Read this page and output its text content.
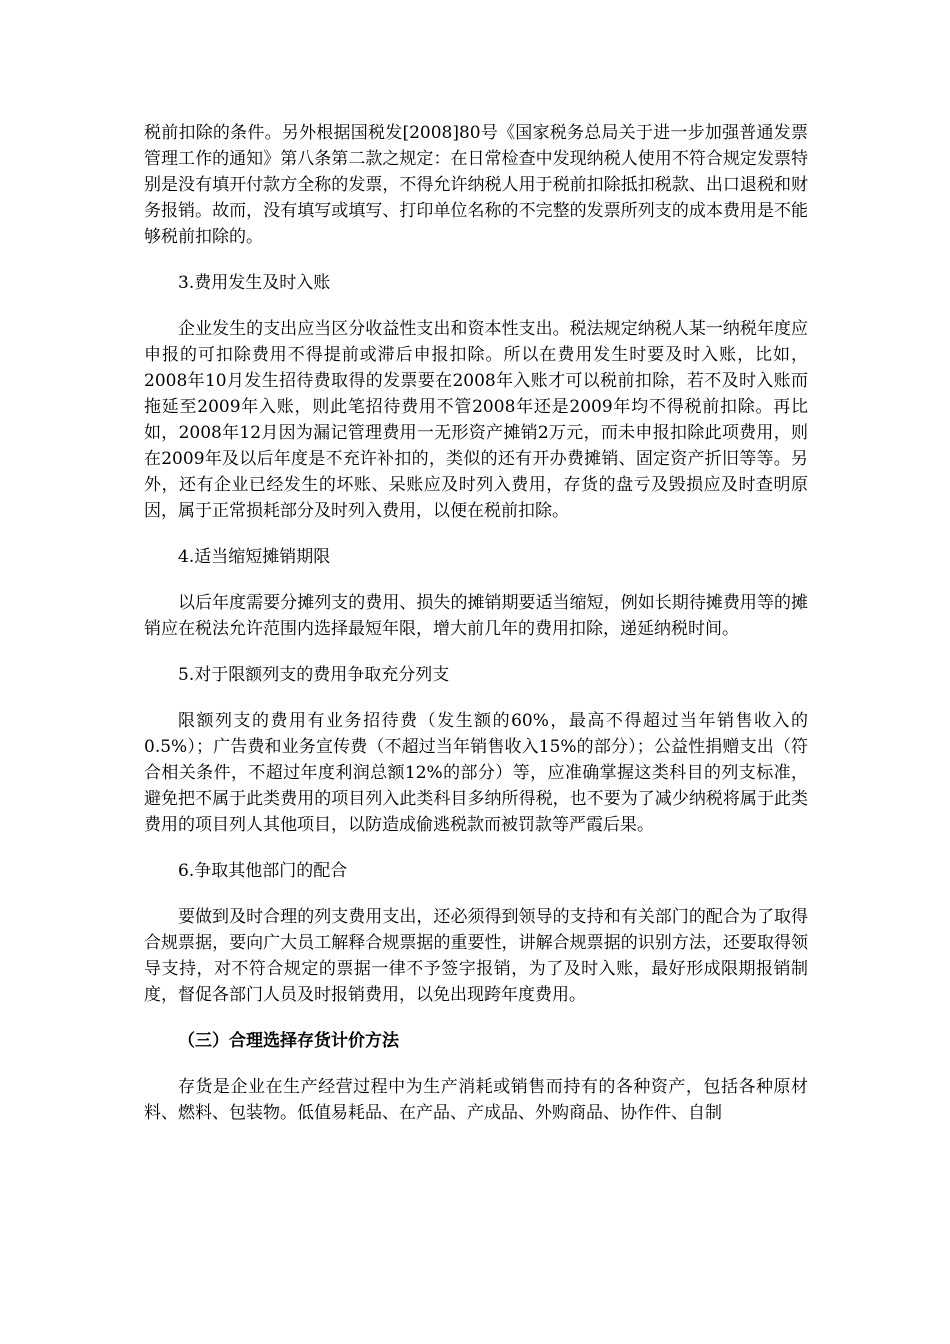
税前扣除的条件。另外根据国税发[2008]80号《国家税务总局关于进一步加强普通发票管理工作的通知》第八条第二款之规定：在日常检查中发现纳税人使用不符合规定发票特别是没有填开付款方全称的发票，不得允许纳税人用于税前扣除抵扣税款、出口退税和财务报销。故而，没有填写或填写、打印单位名称的不完整的发票所列支的成本费用是不能够税前扣除的。

3.费用发生及时入账

企业发生的支出应当区分收益性支出和资本性支出。税法规定纳税人某一纳税年度应申报的可扣除费用不得提前或滞后申报扣除。所以在费用发生时要及时入账，比如，2008年10月发生招待费取得的发票要在2008年入账才可以税前扣除，若不及时入账而拖延至2009年入账，则此笔招待费用不管2008年还是2009年均不得税前扣除。再比如，2008年12月因为漏记管理费用一无形资产摊销2万元，而未申报扣除此项费用，则在2009年及以后年度是不充许补扣的，类似的还有开办费摊销、固定资产折旧等等。另外，还有企业已经发生的坏账、呆账应及时列入费用，存货的盘亏及毁损应及时查明原因，属于正常损耗部分及时列入费用，以便在税前扣除。

4.适当缩短摊销期限

以后年度需要分摊列支的费用、损失的摊销期要适当缩短，例如长期待摊费用等的摊销应在税法允许范围内选择最短年限，增大前几年的费用扣除，递延纳税时间。

5.对于限额列支的费用争取充分列支

限额列支的费用有业务招待费（发生额的60%，最高不得超过当年销售收入的0.5%）；广告费和业务宣传费（不超过当年销售收入15%的部分）；公益性捐赠支出（符合相关条件，不超过年度利润总额12%的部分）等，应准确掌握这类科目的列支标准，避免把不属于此类费用的项目列入此类科目多纳所得税，也不要为了减少纳税将属于此类费用的项目列人其他项目，以防造成偷逃税款而被罚款等严霞后果。

6.争取其他部门的配合

要做到及时合理的列支费用支出，还必须得到领导的支持和有关部门的配合为了取得合规票据，要向广大员工解释合规票据的重要性，讲解合规票据的识别方法，还要取得领导支持，对不符合规定的票据一律不予签字报销，为了及时入账，最好形成限期报销制度，督促各部门人员及时报销费用，以免出现跨年度费用。

（三）合理选择存货计价方法

存货是企业在生产经营过程中为生产消耗或销售而持有的各种资产，包括各种原材料、燃料、包装物。低值易耗品、在产品、产成品、外购商品、协作件、自制
